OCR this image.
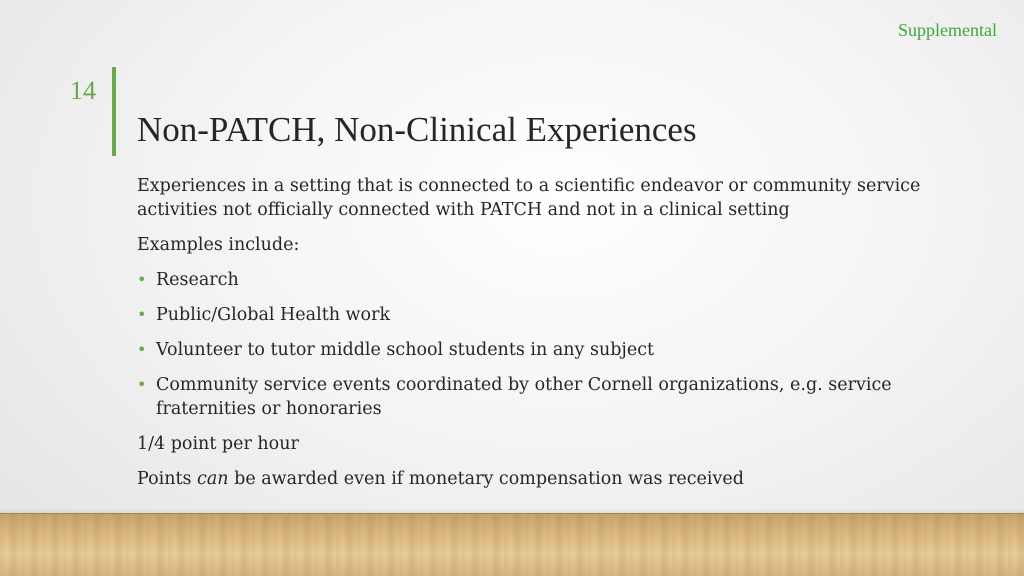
Supplemental
14
Non-PATCH, Non-Clinical Experiences

Experiences in a setting that is connected to a scientific endeavor or community service activities not officially connected with PATCH and not in a clinical setting

Examples include:

• Research
• Public/Global Health work
• Volunteer to tutor middle school students in any subject
• Community service events coordinated by other Cornell organizations, e.g. service fraternities or honoraries

1/4 point per hour

Points can be awarded even if monetary compensation was received
